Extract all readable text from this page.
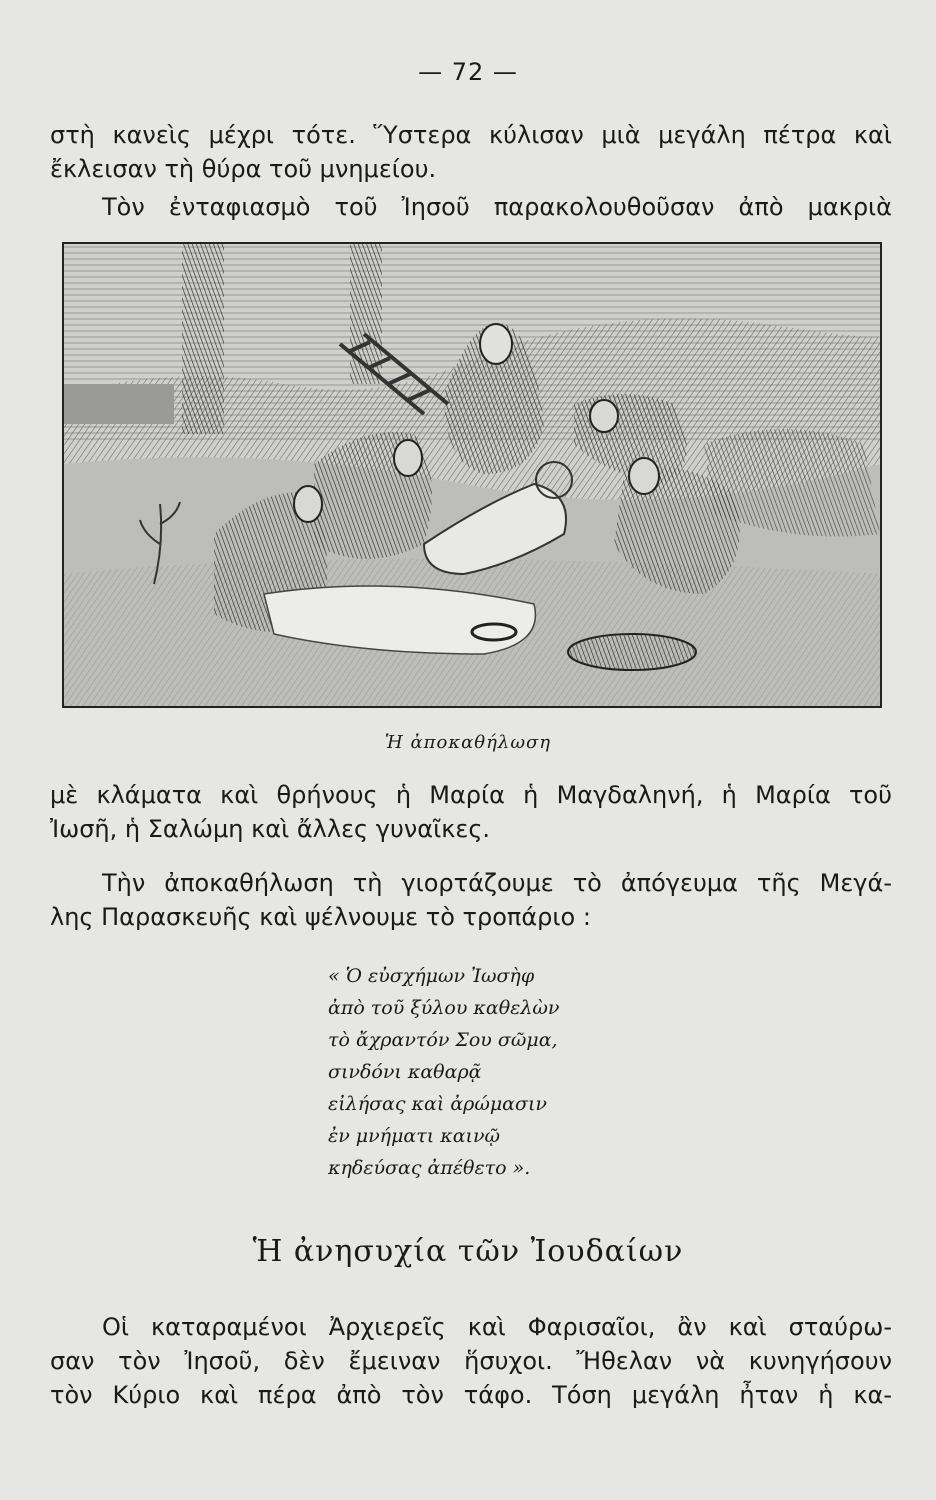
— 72 —

στὴ κανεὶς μέχρι τότε. Ὕστερα κύλισαν μιὰ μεγάλη πέτρα καὶ
ἔκλεισαν τὴ θύρα τοῦ μνημείου.

Τὸν ἐνταφιασμὸ τοῦ Ἰησοῦ παρακολουθοῦσαν ἀπὸ μακριὰ

Ἡ ἀποκαθήλωση

μὲ κλάματα καὶ θρήνους ἡ Μαρία ἡ Μαγδαληνή, ἡ Μαρία τοῦ
Ἰωσῆ, ἡ Σαλώμη καὶ ἄλλες γυναῖκες.

Τὴν ἀποκαθήλωση τὴ γιορτάζουμε τὸ ἀπόγευμα τῆς Μεγά-

λης Παρασκευῆς καὶ ψέλνουμε τὸ τροπάριο :

« Ὁ εὐσχήμων Ἰωσὴφ
ἀπὸ τοῦ ξύλου καθελὼν
τὸ ἄχραντόν Σου σῶμα,
σινδόνι καθαρᾷ
εἰλήσας καὶ ἀρώμασιν
ἐν μνήματι καινῷ
κηδεύσας ἀπέθετο ».
Ἡ ἀνησυχία τῶν Ἰουδαίων

Οἱ καταραμένοι Ἀρχιερεῖς καὶ Φαρισαῖοι, ἂν καὶ σταύρω-

σαν τὸν Ἰησοῦ, δὲν ἔμειναν ἥσυχοι. Ἤθελαν νὰ κυνηγήσουν
τὸν Κύριο καὶ πέρα ἀπὸ τὸν τάφο. Τόση μεγάλη ἦταν ἡ κα-
